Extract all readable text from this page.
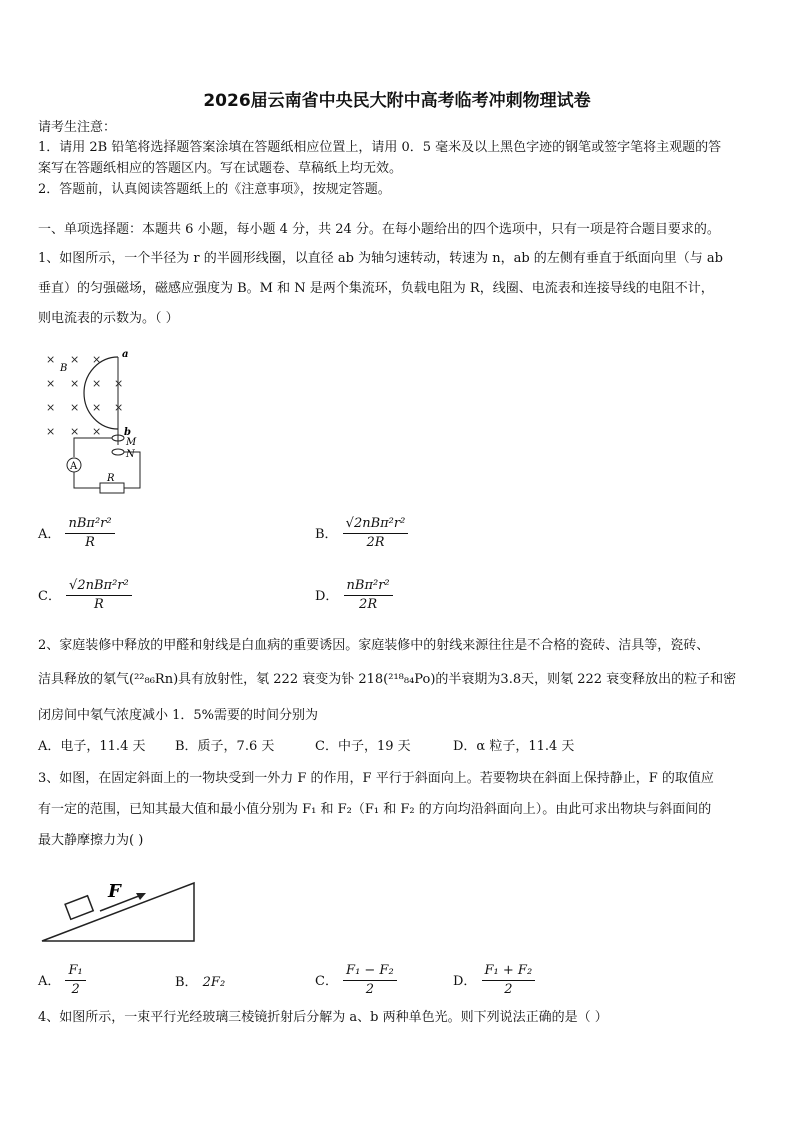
2026届云南省中央民大附中高考临考冲刺物理试卷
请考生注意：
1．请用 2B 铅笔将选择题答案涂填在答题纸相应位置上，请用 0．5 毫米及以上黑色字迹的钢笔或签字笔将主观题的答
案写在答题纸相应的答题区内。写在试题卷、草稿纸上均无效。
2．答题前，认真阅读答题纸上的《注意事项》，按规定答题。
一、单项选择题：本题共 6 小题，每小题 4 分，共 24 分。在每小题给出的四个选项中，只有一项是符合题目要求的。
1、如图所示，一个半径为 r 的半圆形线圈，以直径 ab 为轴匀速转动，转速为 n，ab 的左侧有垂直于纸面向里（与 ab
垂直）的匀强磁场，磁感应强度为 B。M 和 N 是两个集流环，负载电阻为 R，线圈、电流表和连接导线的电阻不计，
则电流表的示数为。（ ）
× × ×
× × × ×
× × × ×
× × ×
B
a
b
M
N
A
R
A． $\frac{\text{nBπ²r²}}{R}$	B． $\frac{\text{√2nBπ²r²}}{2R}$
C． $\frac{\text{√2nBπ²r²}}{R}$	D． $\frac{\text{nBπ²r²}}{2R}$
2、家庭装修中释放的甲醛和射线是白血病的重要诱因。家庭装修中的射线来源往往是不合格的瓷砖、洁具等，瓷砖、
洁具释放的氡气(²²₈₆Rn)具有放射性，氡 222 衰变为钋 218(²¹⁸₈₄Po)的半衰期为3.8天，则氡 222 衰变释放出的粒子和密
闭房间中氡气浓度减小 1．5%需要的时间分别为
A．电子，11.4 天 B．质子，7.6 天	C．中子，19 天	D．α 粒子，11.4 天
3、如图，在固定斜面上的一物块受到一外力 F 的作用，F 平行于斜面向上。若要物块在斜面上保持静止，F 的取值应
有一定的范围，已知其最大值和最小值分别为 F₁ 和 F₂（F₁ 和 F₂ 的方向均沿斜面向上）。由此可求出物块与斜面间的
最大静摩擦力为( )
F
A． $\frac{\text{F₁}}{2}$	B． 2F₂	C． $\frac{\text{F₁ − F₂}}{2}$	D． $\frac{\text{F₁ + F₂}}{2}$
4、如图所示，一束平行光经玻璃三棱镜折射后分解为 a、b 两种单色光。则下列说法正确的是（ ）
